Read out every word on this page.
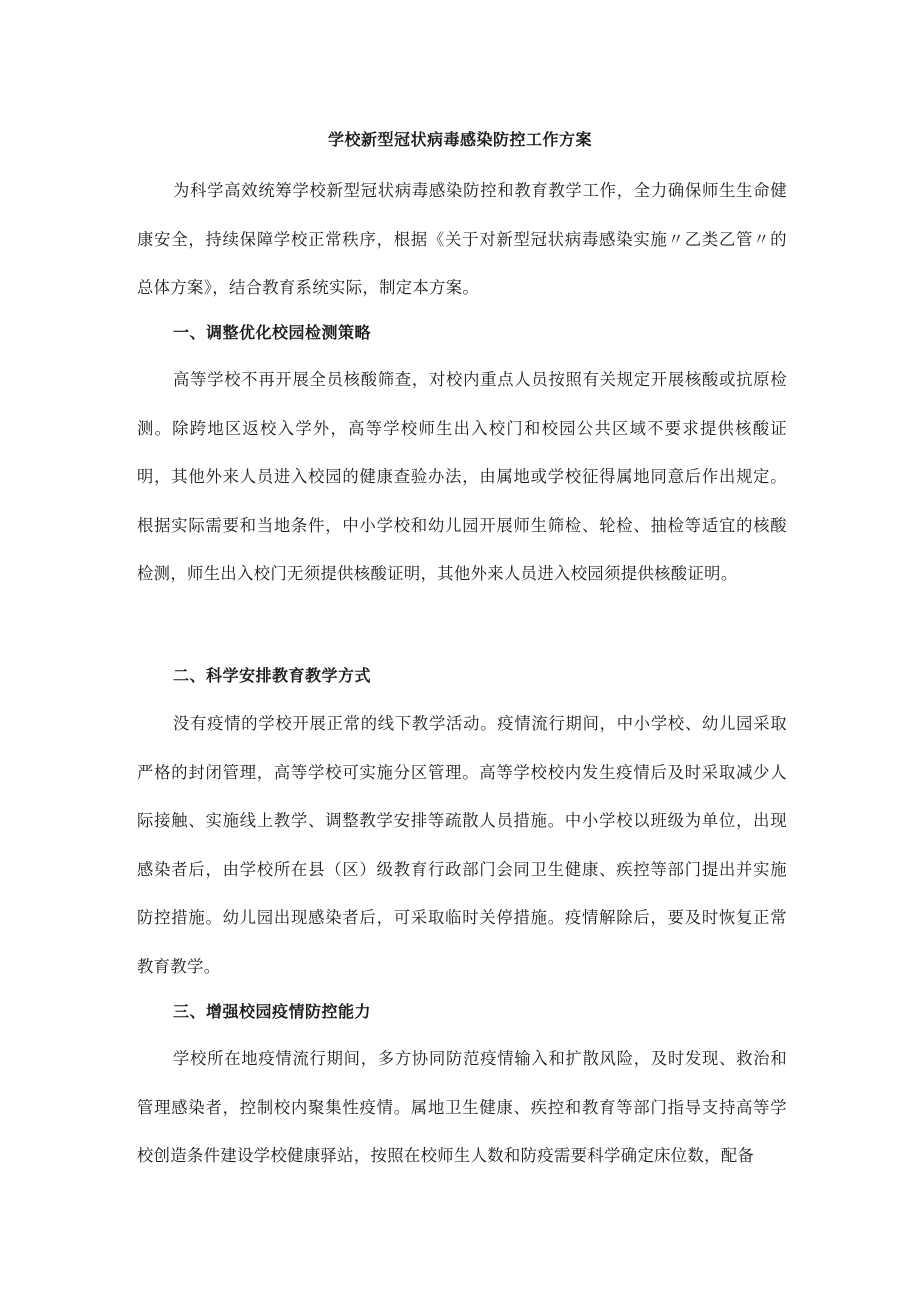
学校新型冠状病毒感染防控工作方案

为科学高效统筹学校新型冠状病毒感染防控和教育教学工作，全力确保师生生命健康安全，持续保障学校正常秩序，根据《关于对新型冠状病毒感染实施〃乙类乙管〃的总体方案》，结合教育系统实际，制定本方案。

一、调整优化校园检测策略

高等学校不再开展全员核酸筛查，对校内重点人员按照有关规定开展核酸或抗原检测。除跨地区返校入学外，高等学校师生出入校门和校园公共区域不要求提供核酸证明，其他外来人员进入校园的健康查验办法，由属地或学校征得属地同意后作出规定。根据实际需要和当地条件，中小学校和幼儿园开展师生筛检、轮检、抽检等适宜的核酸检测，师生出入校门无须提供核酸证明，其他外来人员进入校园须提供核酸证明。

二、科学安排教育教学方式

没有疫情的学校开展正常的线下教学活动。疫情流行期间，中小学校、幼儿园采取严格的封闭管理，高等学校可实施分区管理。高等学校校内发生疫情后及时采取减少人际接触、实施线上教学、调整教学安排等疏散人员措施。中小学校以班级为单位，出现感染者后，由学校所在县（区）级教育行政部门会同卫生健康、疾控等部门提出并实施防控措施。幼儿园出现感染者后，可采取临时关停措施。疫情解除后，要及时恢复正常教育教学。

三、增强校园疫情防控能力

学校所在地疫情流行期间，多方协同防范疫情输入和扩散风险，及时发现、救治和管理感染者，控制校内聚集性疫情。属地卫生健康、疾控和教育等部门指导支持高等学校创造条件建设学校健康驿站，按照在校师生人数和防疫需要科学确定床位数，配备
